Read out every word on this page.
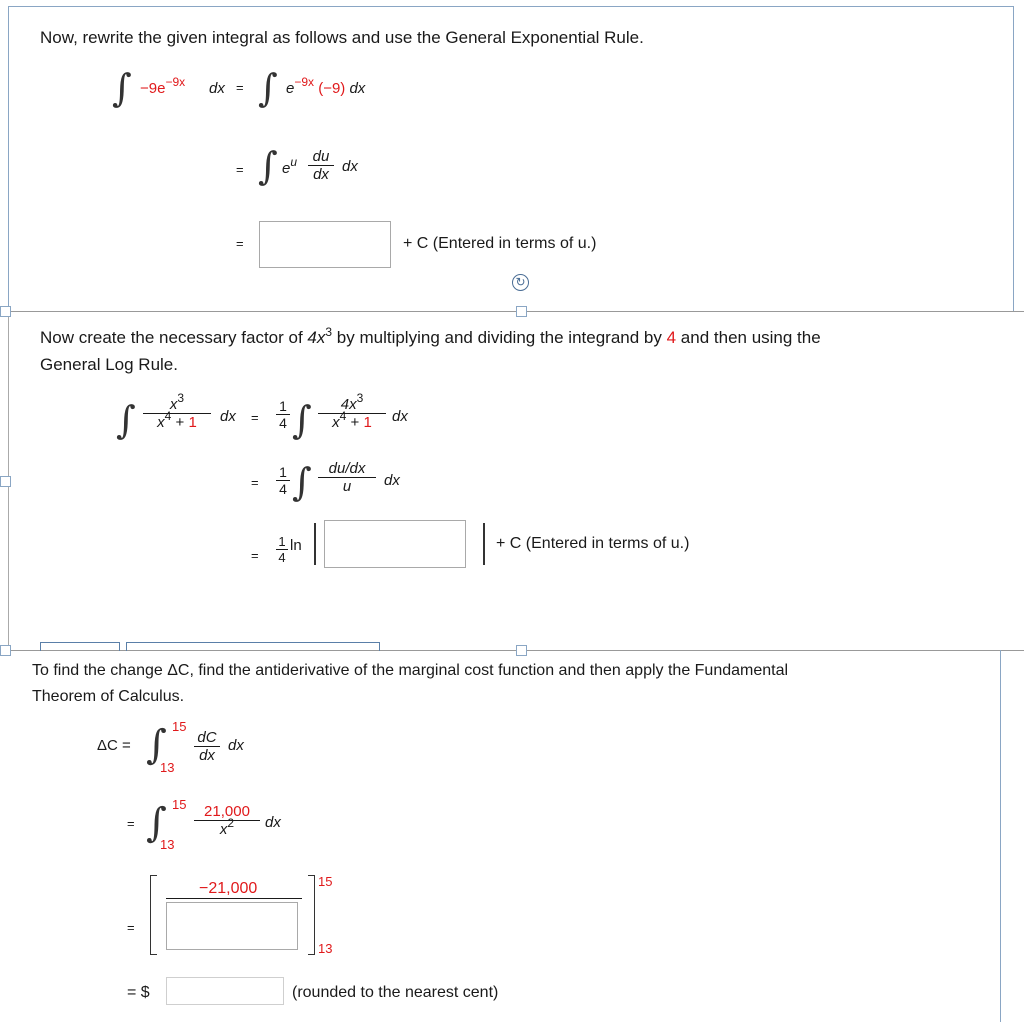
Now, rewrite the given integral as follows and use the General Exponential Rule.
∫ $-9e^{-9x}$ dx = ∫ $e^{-9x}$ (−9) dx
= ∫ $e^u \frac{du}{dx}$ dx
=	+ C (Entered in terms of u.)
↻
Now create the necessary factor of $4x^3$ by multiplying and dividing the integrand by 4 and then using the
General Log Rule.
∫ $\frac{x^3}{x^4 + 1}$ dx = $\frac{1}{4}$ ∫ $\frac{4x^3}{x^4 + 1}$ dx
= $\frac{1}{4}$ ∫ $\frac{du/dx}{u}$ dx
= $\frac{1}{4}$ ln	+ C (Entered in terms of u.)
To find the change ΔC, find the antiderivative of the marginal cost function and then apply the Fundamental
Theorem of Calculus.
ΔC = ∫ 15
13
$\frac{dC}{dx}$ dx
= ∫ 15
13
$\frac{21,000}{x^2}$ dx
=
−21,000	15
13
= $	(rounded to the nearest cent)
